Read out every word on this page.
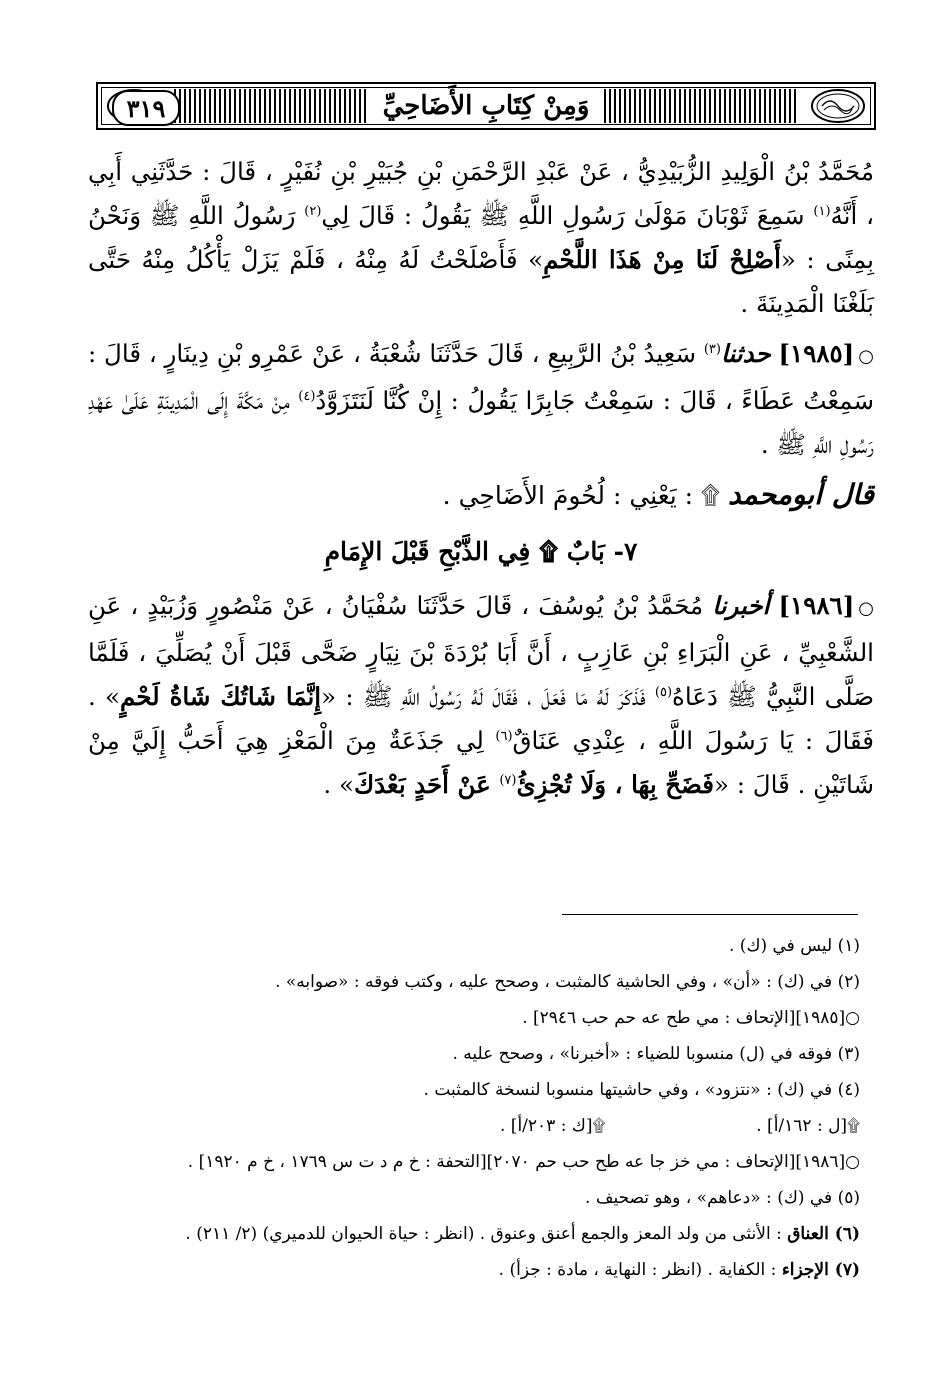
وَمِنْ كِتَابِ الأَضَاحِيِّ
٣١٩

مُحَمَّدُ بْنُ الْوَلِيدِ الزُّبَيْدِيُّ ، عَنْ عَبْدِ الرَّحْمَنِ بْنِ جُبَيْرِ بْنِ نُفَيْرٍ ، قَالَ : حَدَّثَنِي أَبِي ، أَنَّهُ$^{(١)}$ سَمِعَ ثَوْبَانَ مَوْلَىٰ رَسُولِ اللَّهِ ﷺ يَقُولُ : قَالَ لِي$^{(٢)}$ رَسُولُ اللَّهِ ﷺ وَنَحْنُ بِمِنًى : «أَصْلِحْ لَنَا مِنْ هَذَا اللَّحْمِ» فَأَصْلَحْتُ لَهُ مِنْهُ ، فَلَمْ يَزَلْ يَأْكُلُ مِنْهُ حَتَّى بَلَغْنَا الْمَدِينَةَ .

○[١٩٨٥] حدثنا$^{(٣)}$ سَعِيدُ بْنُ الرَّبِيعِ ، قَالَ حَدَّثَنَا شُعْبَةُ ، عَنْ عَمْرِو بْنِ دِينَارٍ ، قَالَ : سَمِعْتُ عَطَاءً ، قَالَ : سَمِعْتُ جَابِرًا يَقُولُ : إِنْ كُنَّا لَنَتَزَوَّدُ$^{(٤)}$ مِنْ مَكَّةَ إِلَى الْمَدِينَةِ عَلَىٰ عَهْدِ رَسُولِ اللَّهِ ﷺ .

قال أبومحمد ۩ : يَعْنِي : لُحُومَ الأَضَاحِي .

٧- بَابٌ ۩ فِي الذَّبْحِ قَبْلَ الإِمَامِ

○[١٩٨٦] أخبرنا مُحَمَّدُ بْنُ يُوسُفَ ، قَالَ حَدَّثَنَا سُفْيَانُ ، عَنْ مَنْصُورٍ وَزُبَيْدٍ ، عَنِ الشَّعْبِيِّ ، عَنِ الْبَرَاءِ بْنِ عَازِبٍ ، أَنَّ أَبَا بُرْدَةَ بْنَ نِيَارٍ ضَحَّى قَبْلَ أَنْ يُصَلِّيَ ، فَلَمَّا صَلَّى النَّبِيُّ ﷺ دَعَاهُ$^{(٥)}$ فَذَكَرَ لَهُ مَا فَعَلَ ، فَقَالَ لَهُ رَسُولُ اللَّهِ ﷺ : «إِنَّمَا شَاتُكَ شَاةُ لَحْمٍ» . فَقَالَ : يَا رَسُولَ اللَّهِ ، عِنْدِي عَنَاقٌ$^{(٦)}$ لِي جَذَعَةٌ مِنَ الْمَعْزِ هِيَ أَحَبُّ إِلَيَّ مِنْ شَاتَيْنِ . قَالَ : «فَضَحِّ بِهَا ، وَلَا تُجْزِئُ$^{(٧)}$ عَنْ أَحَدٍ بَعْدَكَ» .

(١) ليس في (ك) .
(٢) في (ك) : «أن» ، وفي الحاشية كالمثبت ، وصحح عليه ، وكتب فوقه : «صوابه» .
○[١٩٨٥][الإتحاف : مي طح عه حم حب ٢٩٤٦] .
(٣) فوقه في (ل) منسوبا للضياء : «أخبرنا» ، وصحح عليه .
(٤) في (ك) : «نتزود» ، وفي حاشيتها منسوبا لنسخة كالمثبت .
۩[ل : ١٦٢/أ] .
۩[ك : ٢٠٣/أ] .
○[١٩٨٦][الإتحاف : مي خز جا عه طح حب حم ٢٠٧٠][التحفة : خ م د ت س ١٧٦٩ ، خ م ١٩٢٠] .
(٥) في (ك) : «دعاهم» ، وهو تصحيف .
(٦) العناق : الأنثى من ولد المعز والجمع أعنق وعنوق . (انظر : حياة الحيوان للدميري) (٢/ ٢١١) .
(٧) الإجزاء : الكفاية . (انظر : النهاية ، مادة : جزأ) .
